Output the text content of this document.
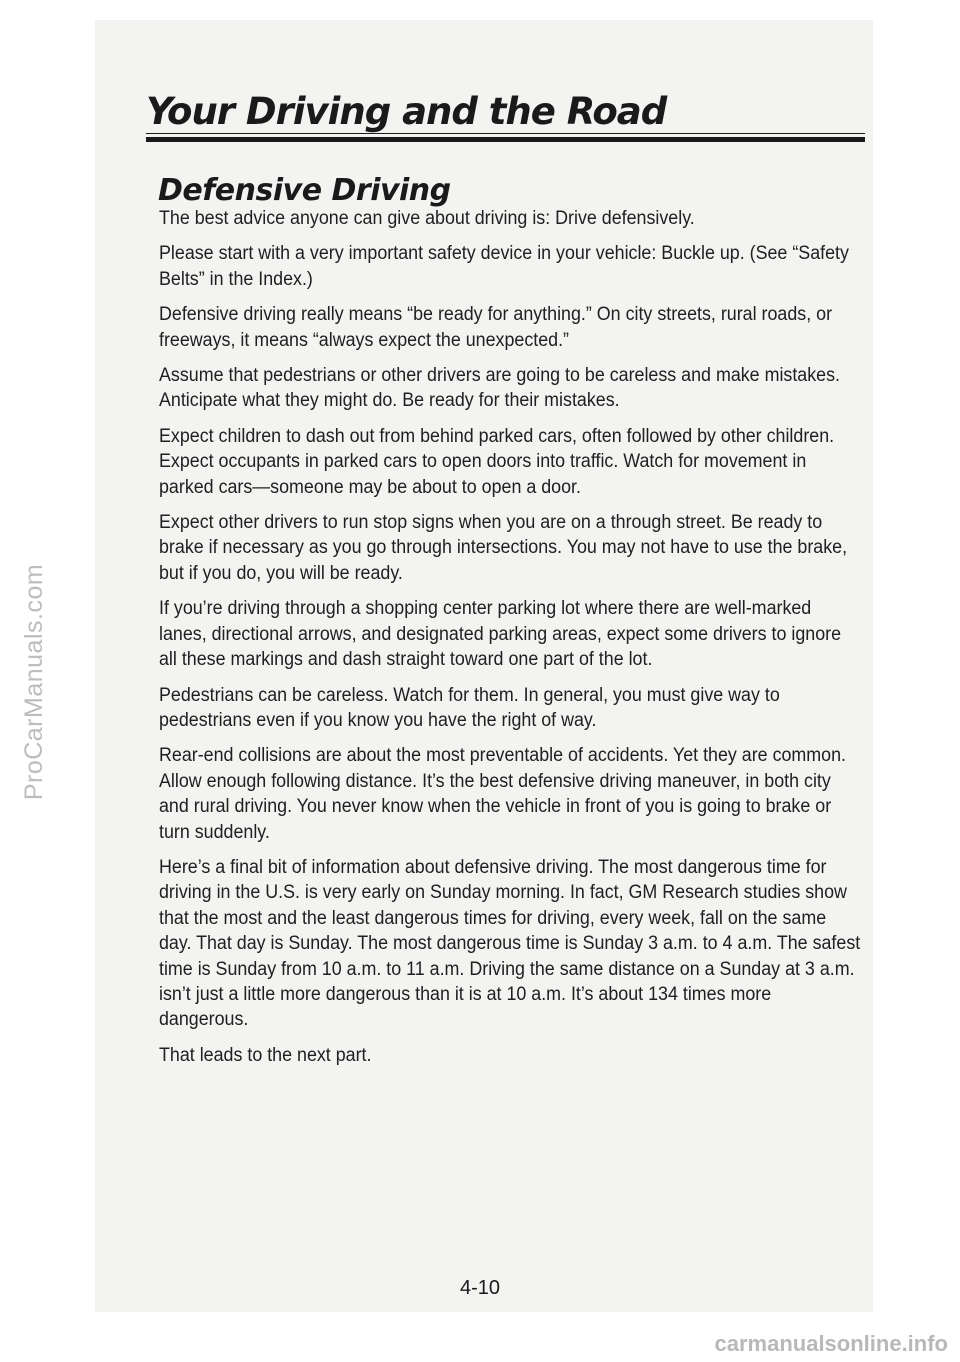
Your Driving and the Road
Defensive Driving

The best advice anyone can give about driving is: Drive defensively.

Please start with a very important safety device in your vehicle: Buckle up. (See “Safety Belts” in the Index.)

Defensive driving really means “be ready for anything.” On city streets, rural roads, or freeways, it means “always expect the unexpected.”

Assume that pedestrians or other drivers are going to be careless and make mistakes. Anticipate what they might do. Be ready for their mistakes.

Expect children to dash out from behind parked cars, often followed by other children. Expect occupants in parked cars to open doors into traffic. Watch for movement in parked cars—someone may be about to open a door.

Expect other drivers to run stop signs when you are on a through street. Be ready to brake if necessary as you go through intersections. You may not have to use the brake, but if you do, you will be ready.

If you’re driving through a shopping center parking lot where there are well-marked lanes, directional arrows, and designated parking areas, expect some drivers to ignore all these markings and dash straight toward one part of the lot.

Pedestrians can be careless. Watch for them. In general, you must give way to pedestrians even if you know you have the right of way.

Rear-end collisions are about the most preventable of accidents. Yet they are common. Allow enough following distance. It’s the best defensive driving maneuver, in both city and rural driving. You never know when the vehicle in front of you is going to brake or turn suddenly.

Here’s a final bit of information about defensive driving. The most dangerous time for driving in the U.S. is very early on Sunday morning. In fact, GM Research studies show that the most and the least dangerous times for driving, every week, fall on the same day. That day is Sunday. The most dangerous time is Sunday 3 a.m. to 4 a.m. The safest time is Sunday from 10 a.m. to 11 a.m. Driving the same distance on a Sunday at 3 a.m. isn’t just a little more dangerous than it is at 10 a.m. It’s about 134 times more dangerous.

That leads to the next part.

4-10
ProCarManuals.com
carmanualsonline.info
